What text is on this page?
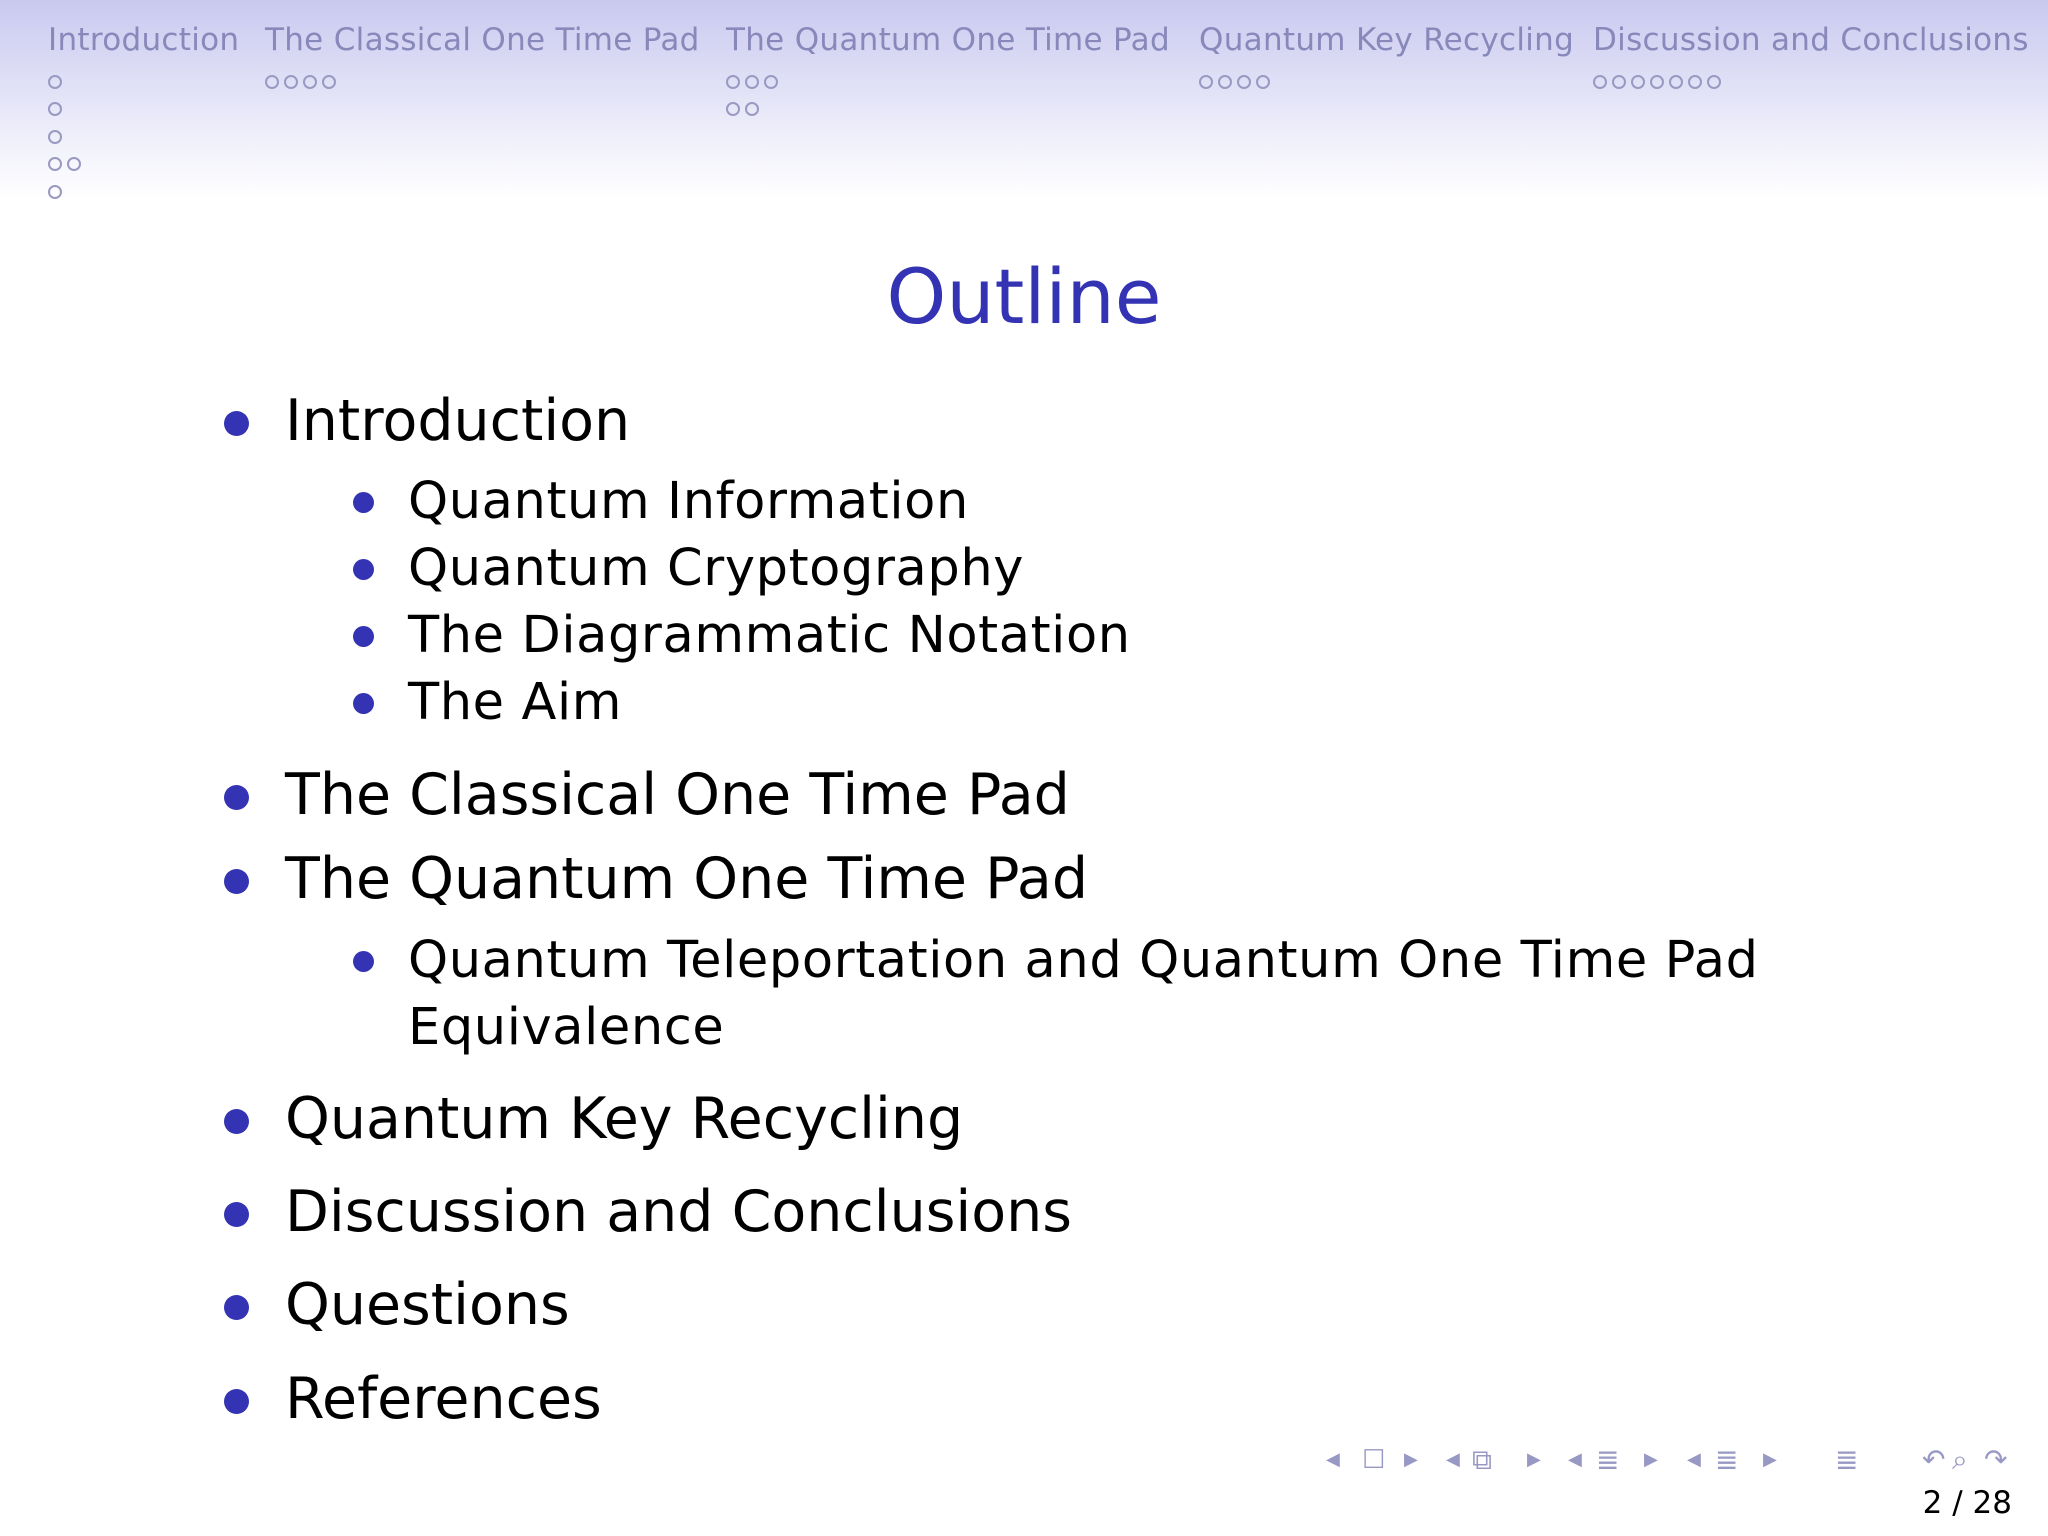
Introduction The Classical One Time Pad The Quantum One Time Pad Quantum Key Recycling Discussion and Conclusions
Outline
Introduction
Quantum Information
Quantum Cryptography
The Diagrammatic Notation
The Aim
The Classical One Time Pad
The Quantum One Time Pad
Quantum Teleportation and Quantum One Time Pad
Equivalence
Quantum Key Recycling
Discussion and Conclusions
Questions
References
◀ ☐ ▶ ◀ ⧉ ▶ ◀ ≣ ▶ ◀ ≣ ▶ ≣ ↶ ⌕ ↷
2 / 28
